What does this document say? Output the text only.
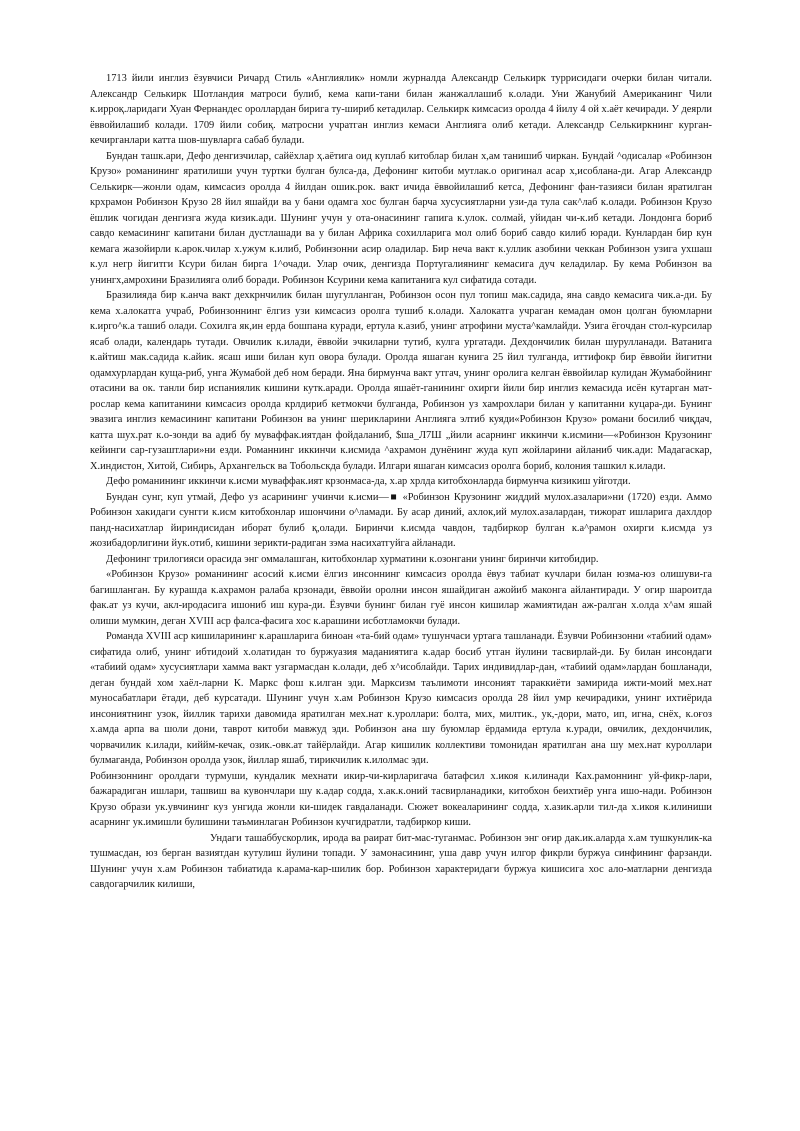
1713 йили инглиз ёзувчиси Ричард Стиль «Англиялик» номли журналда Александр Селькирк туррисидаги очерки билан читали. Александр Селькирк Шотландия матроси булиб, кема капи-тани билан жанжаллашиб к.олади. Уни Жанубий Американинг Чили к.ирроқ.ларидаги Хуан Фернандес ороллардан бирига ту-шириб кетадилар. Селькирк кимсасиз оролда 4 йилу 4 ой х.аёт кечиради. У деярли ёввойилашиб колади. 1709 йили собиқ. матросни учратган инглиз кемаси Англияга олиб кетади. Александр Селькиркнинг курган-кечирганлари катта шов-шувларга сабаб булади.

Бундан ташк.ари, Дефо денгизчилар, сайёхлар ҳ.аётига оид куплаб китоблар билан х,ам танишиб чиркан. Бундай ^одисалар «Робинзон Крузо» романининг яратилиши учун туртки булган булса-да, Дефонинг китоби мутлак.о оригинал асар х,исоблана-ди. Агар Александр Селькирк—жонли одам, кимсасиз оролда 4 йилдан ошик.рок. вакт ичида ёввойилашиб кетса, Дефонинг фан-тазияси билан яратилган крхрамон Робинзон Крузо 28 йил яшайди ва у бани одамга хос булган барча хусусиятларни узи-да тула сак^лаб к.олади. Робинзон Крузо ёшлик чогидан денгизга жуда кизик.ади. Шунинг учун у ота-онасининг гапига к.улок. солмай, уйидан чи-к.иб кетади. Лондонга бориб савдо кемасининг капитани билан дустлашади ва у билан Африка сохилларига мол олиб бориб савдо килиб юради. Кунлардан бир кун кемага жазойирли к.арок.чилар х.ужум к.илиб, Робинзонни асир оладилар. Бир неча вакт к.уллик азобини чеккан Робинзон узига ухшаш к.ул негр йигитги Ксури билан бирга 1^очади. Улар очик, денгизда Португалиянинг кемасига дуч келадилар. Бу кема Робинзон ва унингх,амрохини Бразилияга олиб боради. Робинзон Ксурини кема капитанига кул сифатида сотади.

Бразилияда бир к.анча вакт дехкрнчилик билан шугулланган, Робинзон осон пул топиш мак.садида, яна савдо кемасига чик.а-ди. Бу кема х.алокатга учраб, Робинзоннинг ёлгиз узи кимсасиз оролга тушиб к.олади. Халокатга учраган кемадан омон цолган буюмларни к.ирго^к.а ташиб олади. Сохилга як,ин ерда бошпана куради, ертула к.азиб, унинг атрофини муста^камлайди. Узига ёгочдан стол-курсилар ясаб олади, календарь тутади. Овчилик к.илади, ёввойи эчкиларни тутиб, кулга ургатади. Дехдончилик билан шурулланади. Ватанига к.айтиш мак.садида к.айик. ясаш иши билан куп овора булади. Оролда яшаган кунига 25 йил тулганда, иттифокр бир ёввойи йигитни одамхурлардан куща-риб, унга Жумабой деб ном беради. Яна бирмунча вакт утгач, унинг оролига келган ёввойилар кулидан Жумабойнинг отасини ва ок. танли бир испаниялик кишини кутк.аради. Оролда яшаёт-ганининг охирги йили бир инглиз кемасида исён кутарган мат-рослар кема капитанини кимсасиз оролда крлдириб кетмокчи булганда, Робинзон уз хамрохлари билан у капитанни куцара-ди. Бунинг эвазига инглиз кемасининг капитани Робинзон ва унинг шерикларини Англияга элтиб куяди«Робинзон Крузо» романи босилиб чиқдач, катта шух.рат к.о-зонди ва адиб бу муваффак.иятдан фойдаланиб, $ша_Л7Ш „йили асарнинг иккинчи к.исмини—«Робинзон Крузонинг кейинги сар-гузаштлари»ни езди. Романнинг иккинчи к.исмида ^ахрамон дунёнинг жуда куп жойларини айланиб чик.ади: Мадагаскар, Х.индистон, Хитой, Сибирь, Архангельск ва Тобольскда булади. Илгари яшаган кимсасиз оролга бориб, колония ташкил к.илади.

Дефо романининг иккинчи к.исми муваффак.ият крзонмаса-да, х.ар хрлда китобхонларда бирмунча кизикиш уйготди.

Бундан сунг, куп утмай, Дефо уз асарининг учинчи к.исми—■ «Робинзон Крузонинг жиддий мулох.азалари»ни (1720) езди. Аммо Робинзон хакидаги сунгги к.исм китобхонлар ишончини о^ламади. Бу асар диний, ахлок,ий мулох.азалардан, тижорат ишларига дахлдор панд-насихатлар йириндисидан иборат булиб қ,олади. Биринчи к.исмда чавдон, тадбиркор булган к.а^рамон охирги к.исмда уз жозибадорлигини йук.отиб, кишини зерикти-радиган зэма насихатгуйга айланади.

Дефонинг трилогияси орасида энг оммалашган, китобхонлар хурматини к.озонгани унинг биринчи китобидир.

«Робинзон Крузо» романининг асосий к.исми ёлгиз инсоннинг кимсасиз оролда ёвуз табиат кучлари билан юзма-юз олишуви-га багишланган. Бу курашда к.ахрамон ралаба крзонади, ёввойи оролни инсон яшайдиган ажойиб маконга айлантиради. У огир шароитда фак.ат уз кучи, акл-иродасига ишониб иш кура-ди. Ёзувчи бунинг билан гуё инсон кишилар жамиятидан аж-ралган х.олда х^ам яшай олиши мумкин, деган XVIII аср фалса-фасига хос к.арашини исботламокчи булади.

Романда XVIII аср кишиларининг к.арашларига бинoан «та-бий одам» тушунчаси уртага ташланади. Ёзувчи Робинзонни «табиий одам» сифатида олиб, унинг ибтидоий х.олатидан то буржуазия маданиятига к.адар босиб утган йулини тасвирлай-ди. Бу билан инсондаги «табиий одам» хусусиятлари хамма вакт узгармасдан к.олади, деб х^исоблайди. Тарих индивидлар-дан, «табиий одам»лардан бошланади, деган бундай хом хаёл-ларни К. Маркс фош к.илган эди. Марксизм таълимоти инсоният тараккиёти замирида ижти-моий мех.нат муносабатлари ётади, деб курсатади. Шунинг учун х.ам Робинзон Крузо кимсасиз оролда 28 йил умр кечирадики, унинг ихтиёрида инсониятнинг узок, йиллик тарихи давомида яратилган мех.нат к.уроллари: болта, мих, милтик., ук,-дори, мато, ип, игна, снёх, к.оғоз х.амда арпа ва шоли дони, таврот китоби мавжуд эди. Робинзон ана шу буюмлар ёрдамида ертула к.уради, овчилик, дехдончилик, чорвачилик к.илади, киййм-кечак, озик.-овк.ат тайёрлайди. Агар кишилик коллективи томонидан яратилган ана шу мех.нат куроллари булмаганда, Робинзон оролда узок, йиллар яшаб, тирикчилик к.илолмас эди.

Робинзоннинг оролдаги турмуши, кундалик мехнати икир-чи-кирларигача батафсил х.икоя к.илинади Ках.рамоннинг уй-фикр-лари, бажарадиган ишлари, ташвиш ва кувончлари шу к.адар содда, х.ак.к.оний тасвирланадики, китобхон беихтиёр унга ишо-нади. Робинзон Крузо образи ук.увчининг куз унгида жонли ки-шидек гавдаланади. Сюжет вокеаларининг содда, х.азик.арли тил-да х.икоя к.илиниши асарнинг ук.имишли булишини таъминлаган Робинзон кучгидратли, тадбиркор киши.

Ундаги ташаббускорлик, ирода ва раират бит-мас-туганмас. Робинзон энг оғир дак.ик.аларда х.ам тушкунлик-ка тушмасдан, юз берган вазиятдан кутулиш йулини топади. У замонасининг, уша давр учун илгор фикрли буржуа синфининг фарзанди. Шунинг учун х.ам Робинзон табиатида к.арама-кар-шилик бор. Робинзон характеридаги буржуа кишисига хос ало-матларни денгизда савдогарчилик килиши,
